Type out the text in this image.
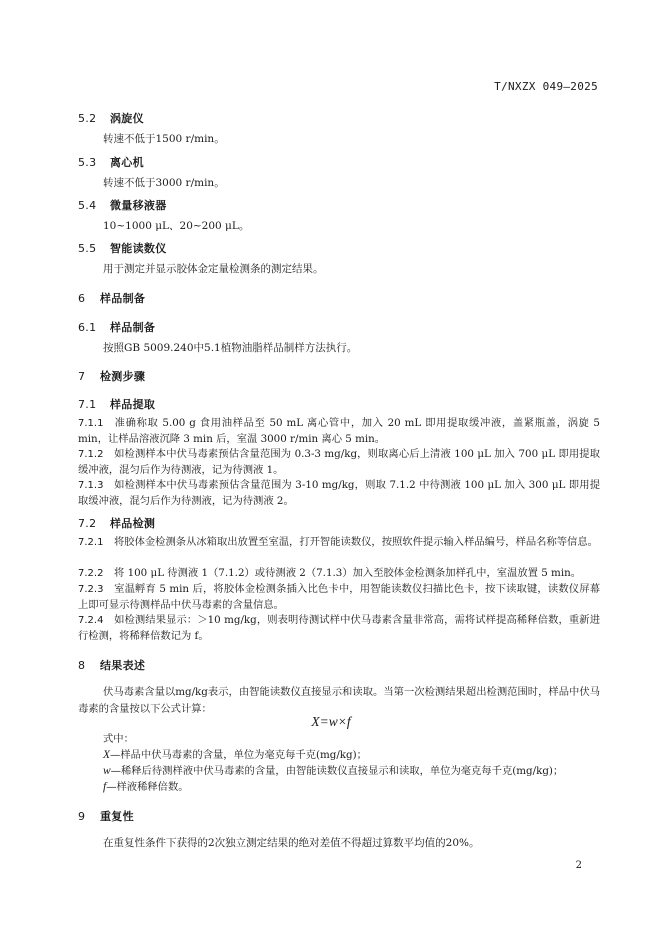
T/NXZX 049—2025
5.2 涡旋仪
转速不低于1500 r/min。
5.3 离心机
转速不低于3000 r/min。
5.4 微量移液器
10~1000 μL、20~200 μL。
5.5 智能读数仪
用于测定并显示胶体金定量检测条的测定结果。
6 样品制备
6.1 样品制备
按照GB 5009.240中5.1植物油脂样品制样方法执行。
7 检测步骤
7.1 样品提取
7.1.1 准确称取 5.00 g 食用油样品至 50 mL 离心管中，加入 20 mL 即用提取缓冲液，盖紧瓶盖，涡旋 5 min，让样品溶液沉降 3 min 后，室温 3000 r/min 离心 5 min。
7.1.2 如检测样本中伏马毒素预估含量范围为 0.3-3 mg/kg，则取离心后上清液 100 μL 加入 700 μL 即用提取缓冲液，混匀后作为待测液，记为待测液 1。
7.1.3 如检测样本中伏马毒素预估含量范围为 3-10 mg/kg，则取 7.1.2 中待测液 100 μL 加入 300 μL 即用提取缓冲液，混匀后作为待测液，记为待测液 2。
7.2 样品检测
7.2.1 将胶体金检测条从冰箱取出放置至室温，打开智能读数仪，按照软件提示输入样品编号，样品名称等信息。
7.2.2 将 100 μL 待测液 1（7.1.2）或待测液 2（7.1.3）加入至胶体金检测条加样孔中，室温放置 5 min。
7.2.3 室温孵育 5 min 后，将胶体金检测条插入比色卡中，用智能读数仪扫描比色卡，按下读取键，读数仪屏幕上即可显示待测样品中伏马毒素的含量信息。
7.2.4 如检测结果显示：＞10 mg/kg，则表明待测试样中伏马毒素含量非常高，需将试样提高稀释倍数，重新进行检测，将稀释倍数记为 f。
8 结果表述
伏马毒素含量以mg/kg表示，由智能读数仪直接显示和读取。当第一次检测结果超出检测范围时，样品中伏马毒素的含量按以下公式计算：
X=w×f
式中：
X—样品中伏马毒素的含量，单位为毫克每千克(mg/kg)；
w—稀释后待测样液中伏马毒素的含量，由智能读数仪直接显示和读取，单位为毫克每千克(mg/kg)；
f—样液稀释倍数。
9 重复性
在重复性条件下获得的2次独立测定结果的绝对差值不得超过算数平均值的20%。
2
